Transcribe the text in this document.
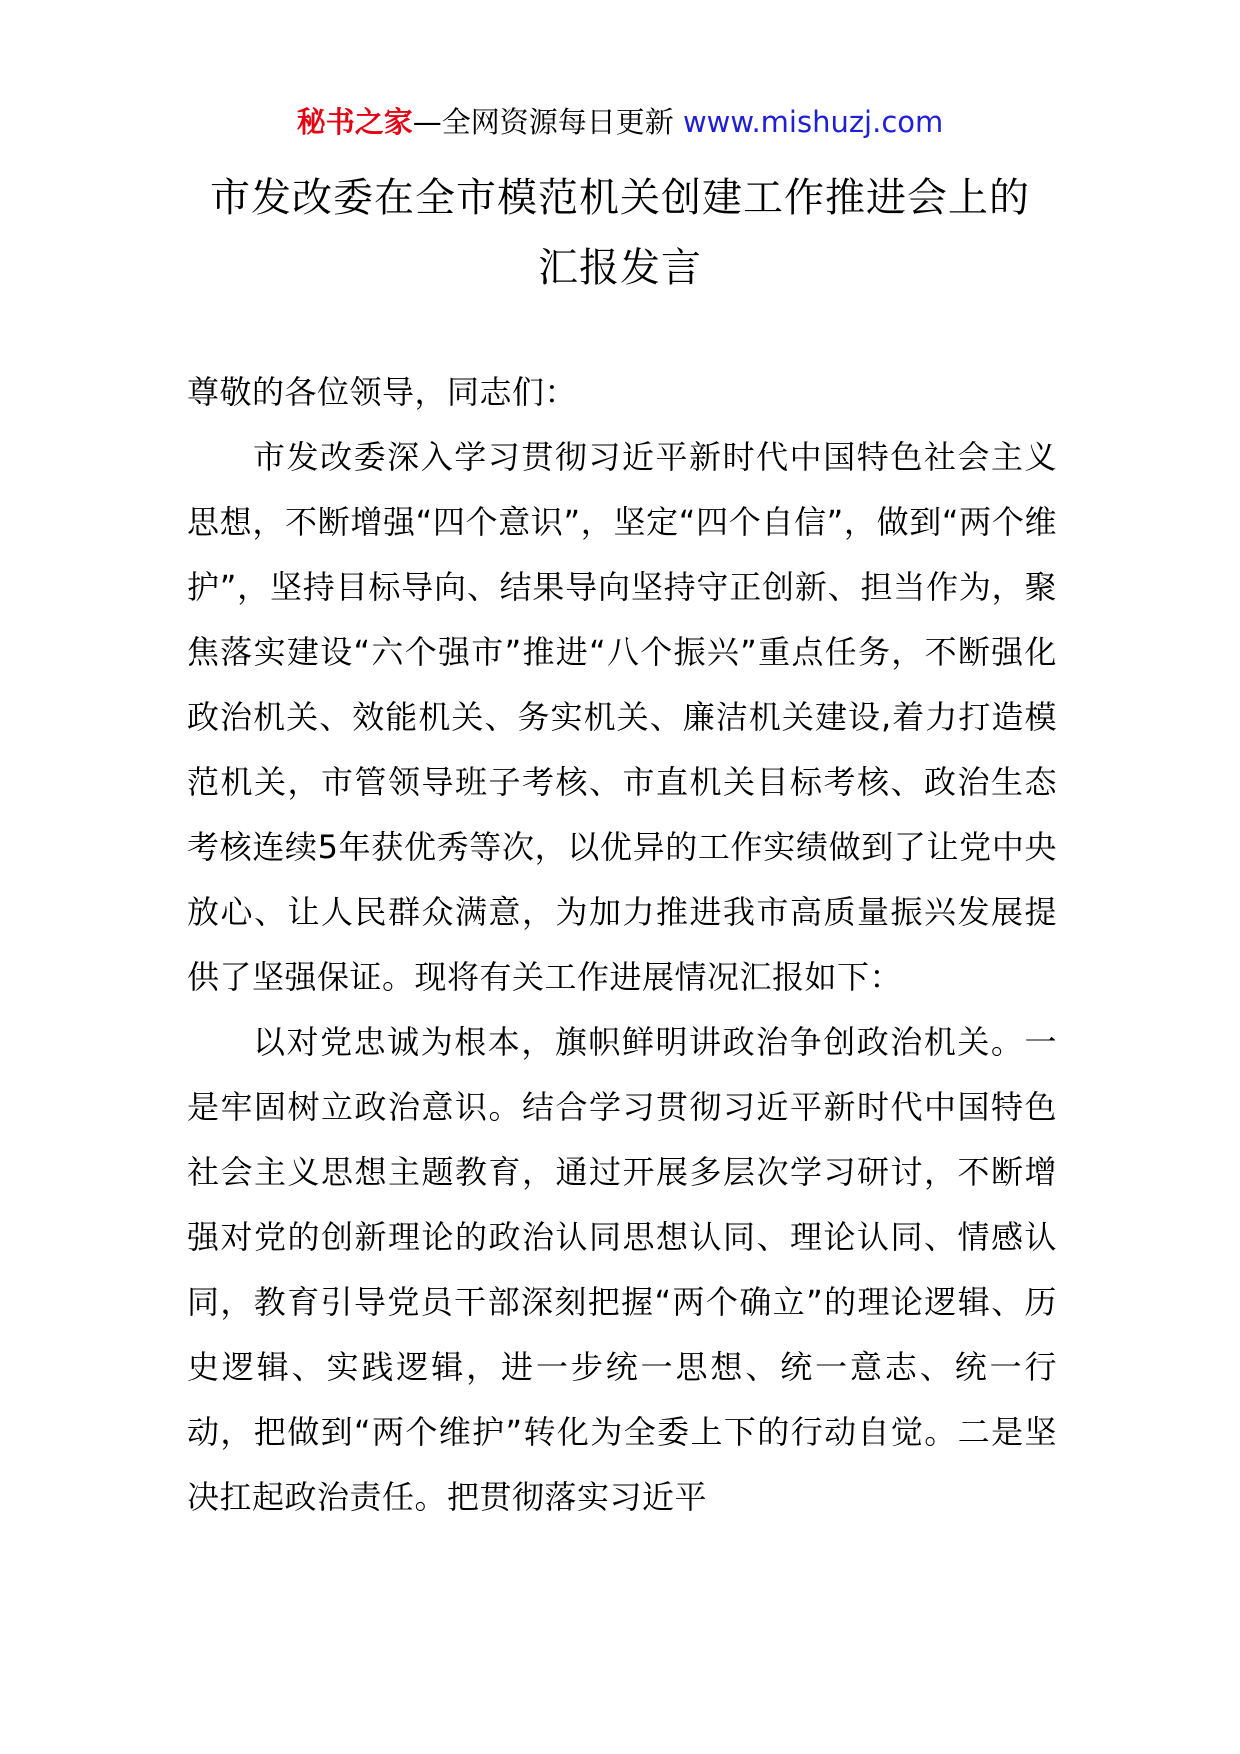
秘书之家—全网资源每日更新 www.mishuzj.com
市发改委在全市模范机关创建工作推进会上的
汇报发言

尊敬的各位领导，同志们：

市发改委深入学习贯彻习近平新时代中国特色社会主义思想，不断增强“四个意识”，坚定“四个自信”，做到“两个维护”，坚持目标导向、结果导向坚持守正创新、担当作为，聚焦落实建设“六个强市”推进“八个振兴”重点任务，不断强化政治机关、效能机关、务实机关、廉洁机关建设,着力打造模范机关，市管领导班子考核、市直机关目标考核、政治生态考核连续5年获优秀等次，以优异的工作实绩做到了让党中央放心、让人民群众满意，为加力推进我市高质量振兴发展提供了坚强保证。现将有关工作进展情况汇报如下：

以对党忠诚为根本，旗帜鲜明讲政治争创政治机关。一是牢固树立政治意识。结合学习贯彻习近平新时代中国特色社会主义思想主题教育，通过开展多层次学习研讨，不断增强对党的创新理论的政治认同思想认同、理论认同、情感认同，教育引导党员干部深刻把握“两个确立”的理论逻辑、历史逻辑、实践逻辑，进一步统一思想、统一意志、统一行动，把做到“两个维护”转化为全委上下的行动自觉。二是坚决扛起政治责任。把贯彻落实习近平
